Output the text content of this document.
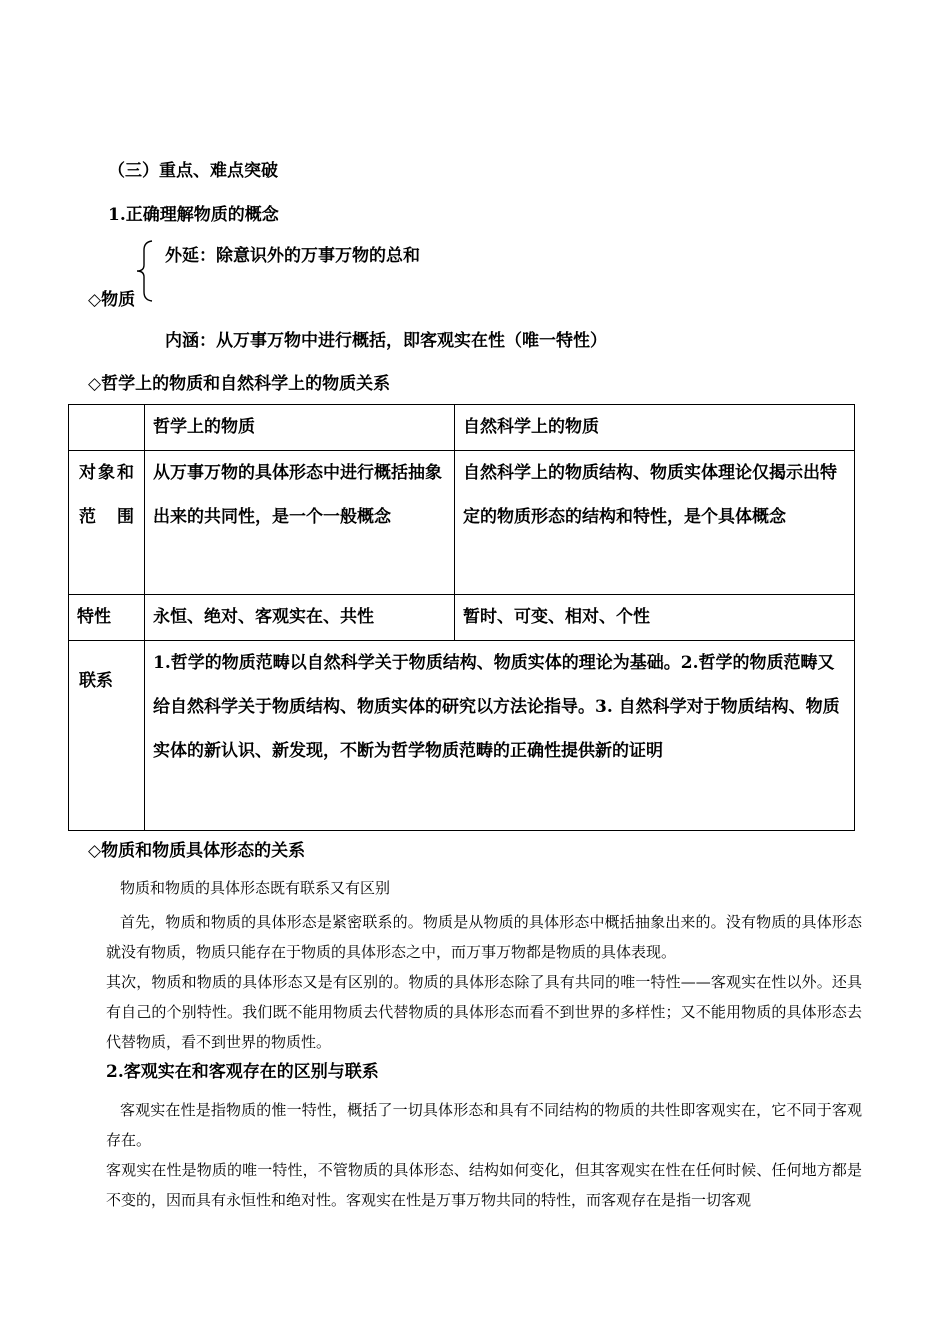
（三）重点、难点突破
1.正确理解物质的概念
外延：除意识外的万事万物的总和
◇物质
内涵：从万事万物中进行概括，即客观实在性（唯一特性）
◇哲学上的物质和自然科学上的物质关系
	哲学上的物质	自然科学上的物质

对象和范围	从万事万物的具体形态中进行概括抽象出来的共同性，是一个一般概念	自然科学上的物质结构、物质实体理论仅揭示出特定的物质形态的结构和特性，是个具体概念
特性	永恒、绝对、客观实在、共性	暂时、可变、相对、个性
联系	1.哲学的物质范畴以自然科学关于物质结构、物质实体的理论为基础。2.哲学的物质范畴又给自然科学关于物质结构、物质实体的研究以方法论指导。3. 自然科学对于物质结构、物质实体的新认识、新发现，不断为哲学物质范畴的正确性提供新的证明	
◇物质和物质具体形态的关系
物质和物质的具体形态既有联系又有区别
首先，物质和物质的具体形态是紧密联系的。物质是从物质的具体形态中概括抽象出来的。没有物质的具体形态就没有物质，物质只能存在于物质的具体形态之中，而万事万物都是物质的具体表现。
其次，物质和物质的具体形态又是有区别的。物质的具体形态除了具有共同的唯一特性——客观实在性以外。还具有自己的个别特性。我们既不能用物质去代替物质的具体形态而看不到世界的多样性；又不能用物质的具体形态去代替物质，看不到世界的物质性。
2.客观实在和客观存在的区别与联系
客观实在性是指物质的惟一特性，概括了一切具体形态和具有不同结构的物质的共性即客观实在，它不同于客观存在。
客观实在性是物质的唯一特性，不管物质的具体形态、结构如何变化，但其客观实在性在任何时候、任何地方都是不变的，因而具有永恒性和绝对性。客观实在性是万事万物共同的特性，而客观存在是指一切客观
